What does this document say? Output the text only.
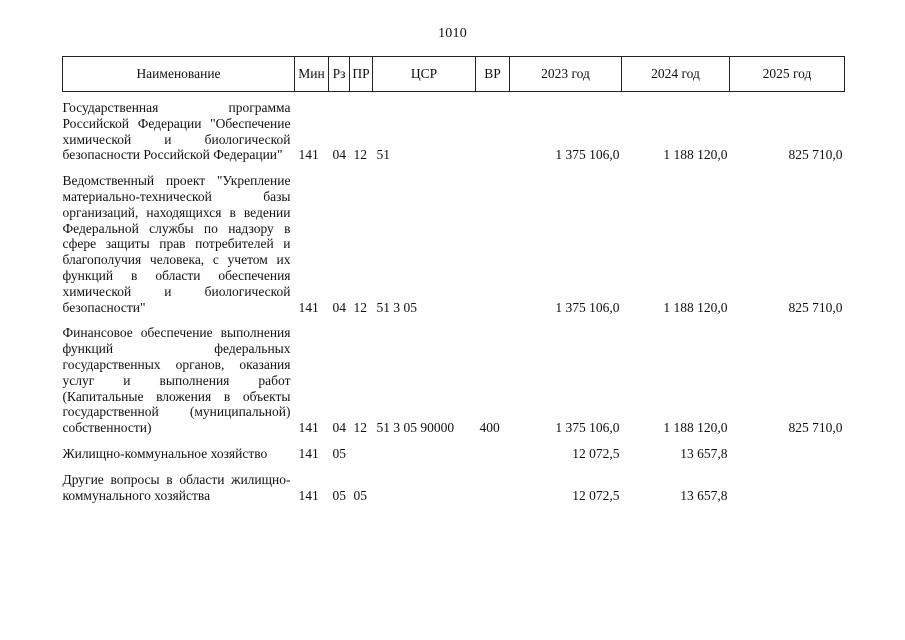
1010
Наименование	Мин	Рз	ПР	ЦСР	ВР	2023 год	2024 год	2025 год
Государственная программа Российской Федерации "Обеспечение химической и биологической безопасности Российской Федерации"	141	04	12	51		1 375 106,0	1 188 120,0	825 710,0

Ведомственный проект "Укрепление материально-технической базы организаций, находящихся в ведении Федеральной службы по надзору в сфере защиты прав потребителей и благополучия человека, с учетом их функций в области обеспечения химической и биологической безопасности"	141	04	12	51 3 05		1 375 106,0	1 188 120,0	825 710,0

Финансовое обеспечение выполнения функций федеральных государственных органов, оказания услуг и выполнения работ (Капитальные вложения в объекты государственной (муниципальной) собственности)	141	04	12	51 3 05 90000	400	1 375 106,0	1 188 120,0	825 710,0

Жилищно-коммунальное хозяйство	141	05				12 072,5	13 657,8	

Другие вопросы в области жилищно-коммунального хозяйства	141	05	05			12 072,5	13 657,8	
